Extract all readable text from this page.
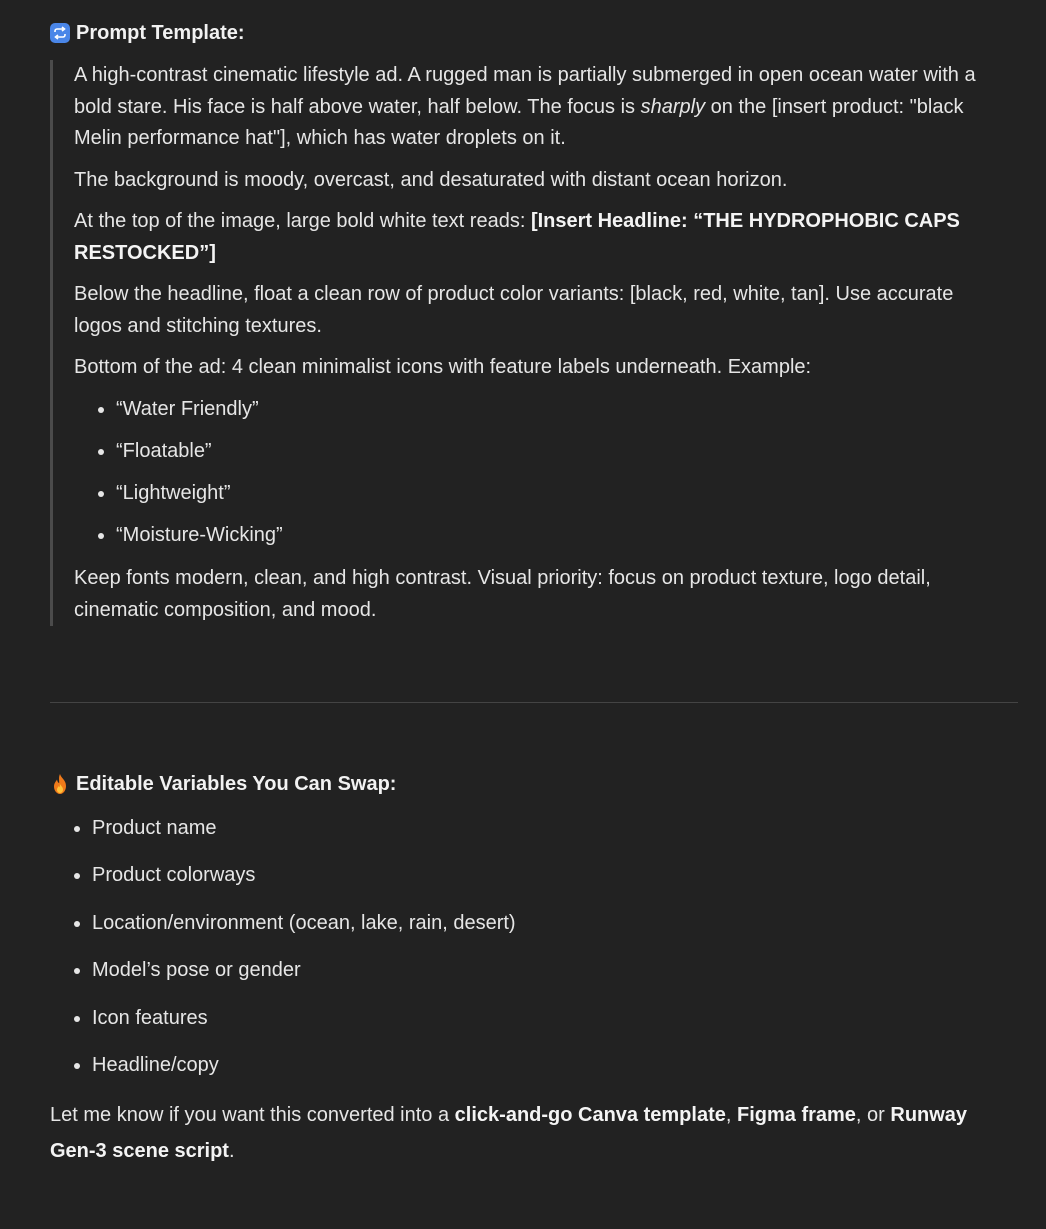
Prompt Template:

A high-contrast cinematic lifestyle ad. A rugged man is partially submerged in open ocean water with a bold stare. His face is half above water, half below. The focus is sharply on the [insert product: "black Melin performance hat"], which has water droplets on it.

The background is moody, overcast, and desaturated with distant ocean horizon.

At the top of the image, large bold white text reads: [Insert Headline: “THE HYDROPHOBIC CAPS RESTOCKED”]

Below the headline, float a clean row of product color variants: [black, red, white, tan]. Use accurate logos and stitching textures.

Bottom of the ad: 4 clean minimalist icons with feature labels underneath. Example:

• “Water Friendly”
• “Floatable”
• “Lightweight”
• “Moisture-Wicking”

Keep fonts modern, clean, and high contrast. Visual priority: focus on product texture, logo detail, cinematic composition, and mood.

Editable Variables You Can Swap:
• Product name
• Product colorways
• Location/environment (ocean, lake, rain, desert)
• Model’s pose or gender
• Icon features
• Headline/copy

Let me know if you want this converted into a click-and-go Canva template, Figma frame, or Runway Gen-3 scene script.
